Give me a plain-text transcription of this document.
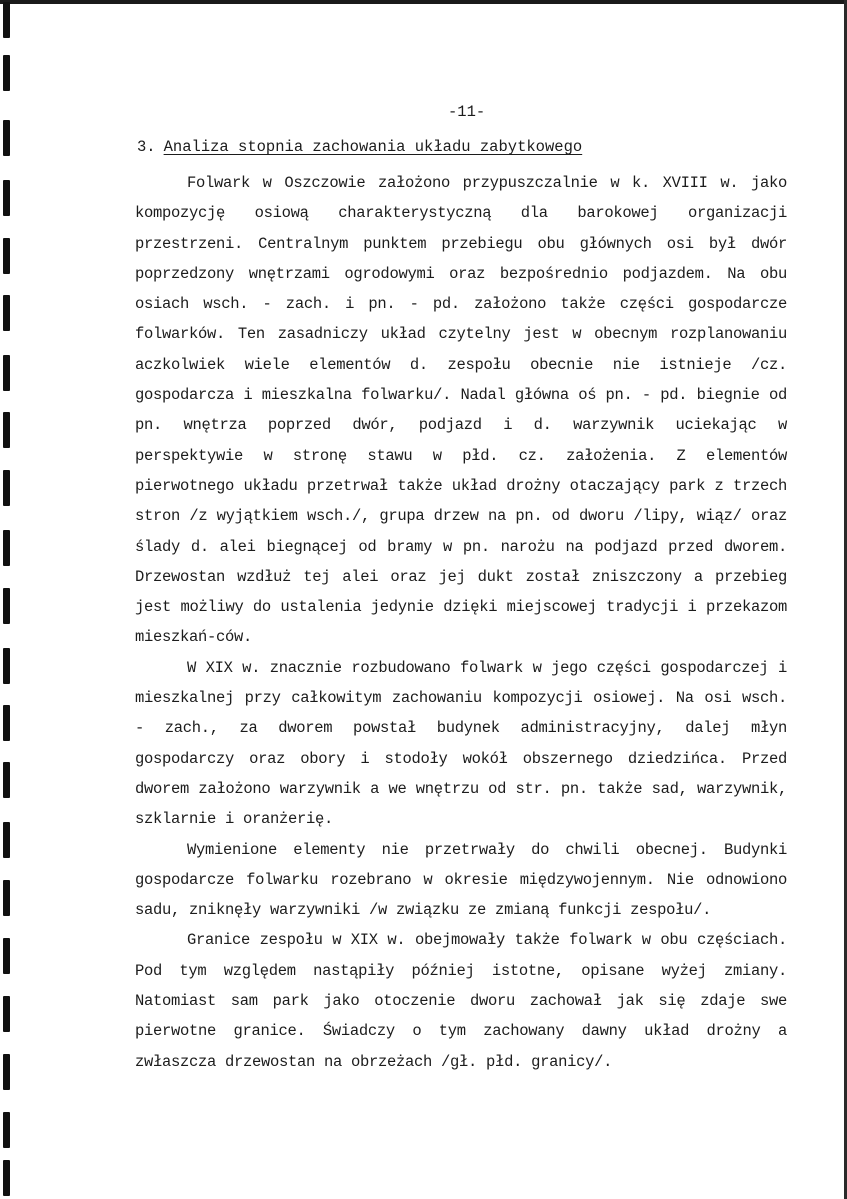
-11-
3. Analiza stopnia zachowania układu zabytkowego

Folwark w Oszczowie założono przypuszczalnie w k. XVIII w. jako kompozycję osiową charakterystyczną dla barokowej organizacji przestrzeni. Centralnym punktem przebiegu obu głównych osi był dwór poprzedzony wnętrzami ogrodowymi oraz bezpośrednio podjazdem. Na obu osiach wsch. - zach. i pn. - pd. założono także części gospodarcze folwarków. Ten zasadniczy układ czytelny jest w obecnym rozplanowaniu aczkolwiek wiele elementów d. zespołu obecnie nie istnieje /cz. gospodarcza i mieszkalna folwarku/. Nadal główna oś pn. - pd. biegnie od pn. wnętrza poprzed dwór, podjazd i d. warzywnik uciekając w perspektywie w stronę stawu w płd. cz. założenia. Z elementów pierwotnego układu przetrwał także układ drożny otaczający park z trzech stron /z wyjątkiem wsch./, grupa drzew na pn. od dworu /lipy, wiąz/ oraz ślady d. alei biegnącej od bramy w pn. narożu na podjazd przed dworem. Drzewostan wzdłuż tej alei oraz jej dukt został zniszczony a przebieg jest możliwy do ustalenia jedynie dzięki miejscowej tradycji i przekazom mieszkań-ców.

W XIX w. znacznie rozbudowano folwark w jego części gospodarczej i mieszkalnej przy całkowitym zachowaniu kompozycji osiowej. Na osi wsch. - zach., za dworem powstał budynek administracyjny, dalej młyn gospodarczy oraz obory i stodoły wokół obszernego dziedzińca. Przed dworem założono warzywnik a we wnętrzu od str. pn. także sad, warzywnik, szklarnie i oranżerię.

Wymienione elementy nie przetrwały do chwili obecnej. Budynki gospodarcze folwarku rozebrano w okresie międzywojennym. Nie odnowiono sadu, zniknęły warzywniki /w związku ze zmianą funkcji zespołu/.

Granice zespołu w XIX w. obejmowały także folwark w obu częściach. Pod tym względem nastąpiły później istotne, opisane wyżej zmiany. Natomiast sam park jako otoczenie dworu zachował jak się zdaje swe pierwotne granice. Świadczy o tym zachowany dawny układ drożny a zwłaszcza drzewostan na obrzeżach /gł. płd. granicy/.
